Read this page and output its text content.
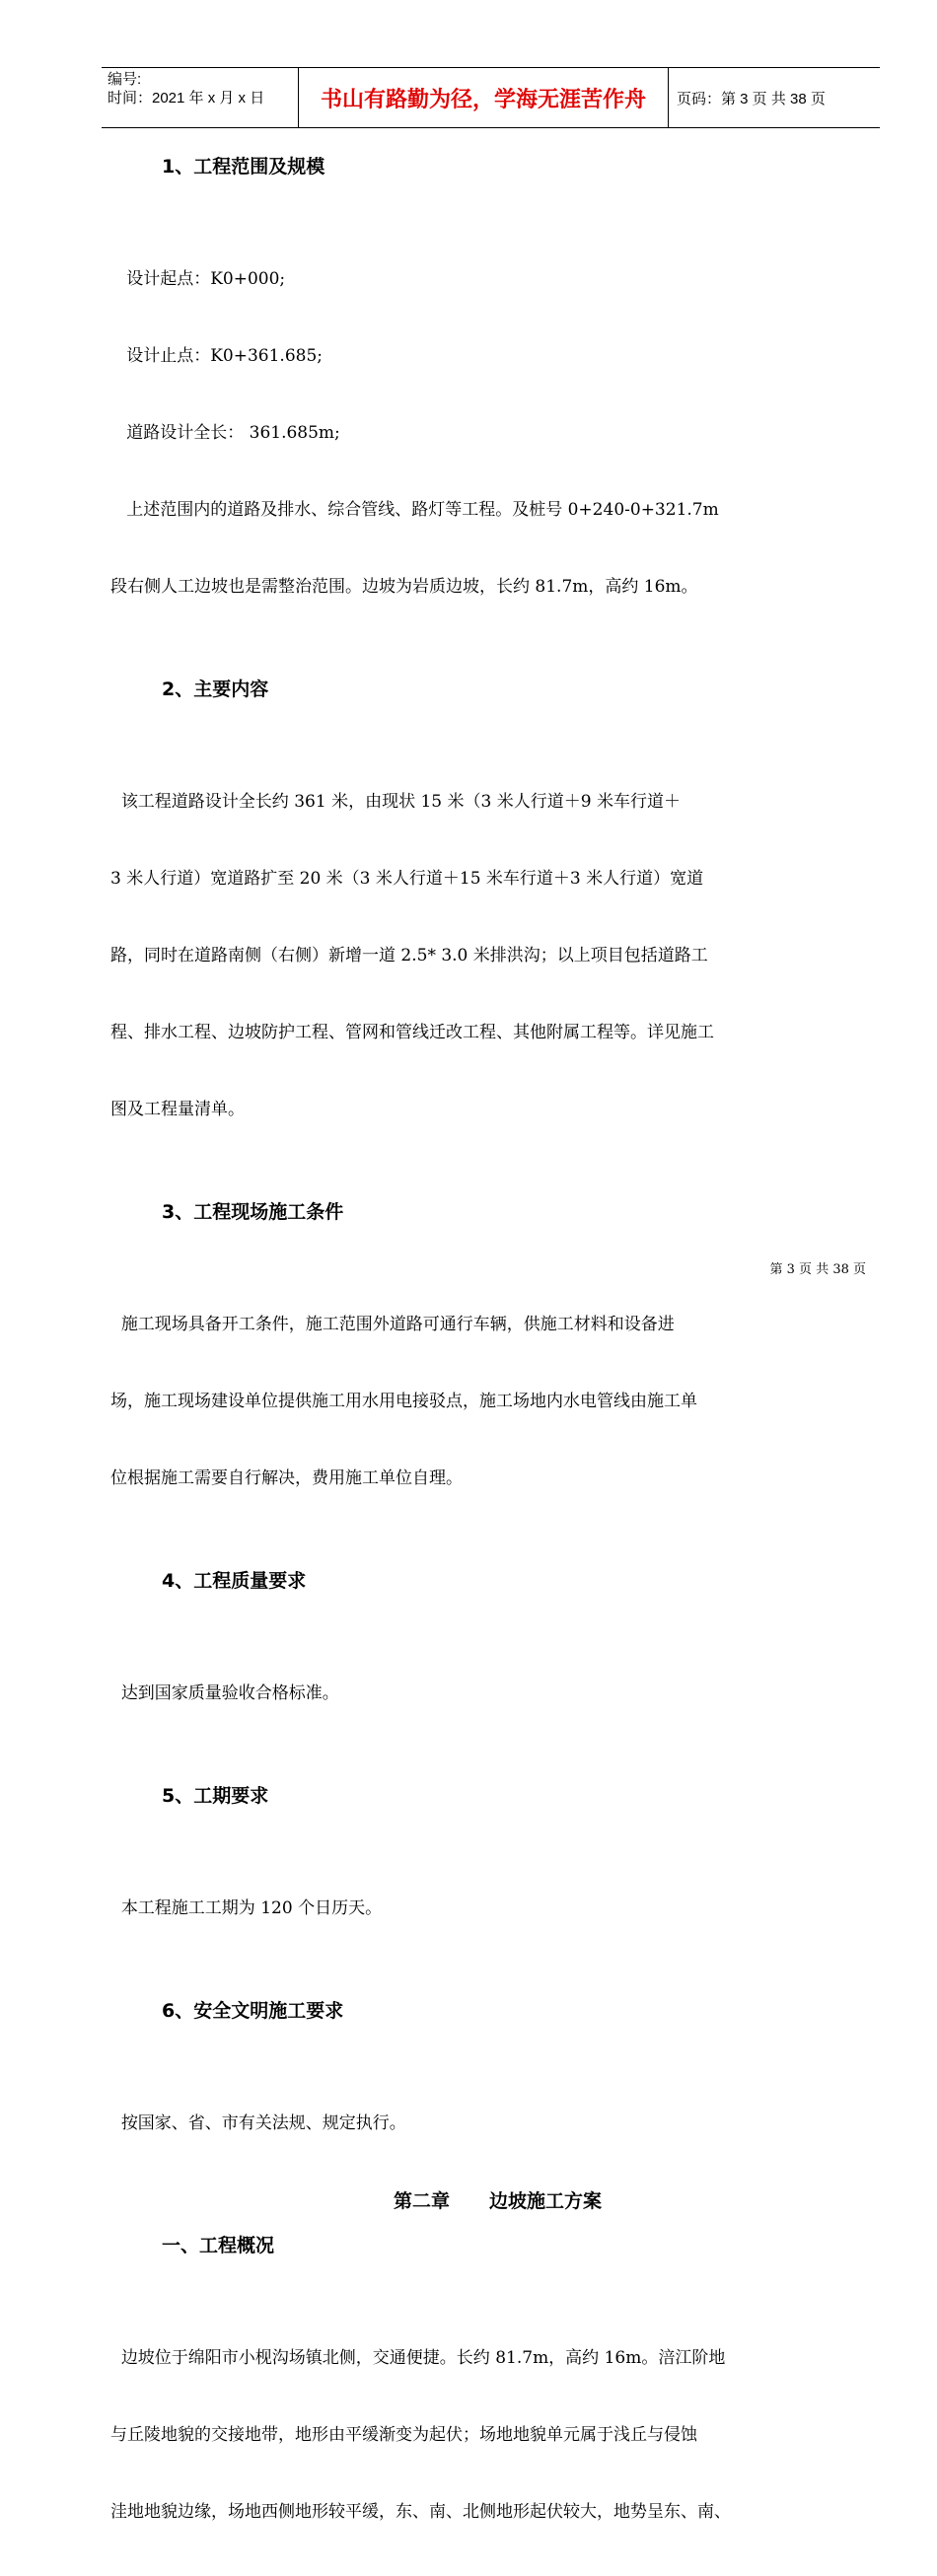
编号:
时间：2021 年 x 月 x 日	书山有路勤为径，学海无涯苦作舟	页码：第 3 页 共 38 页
1、工程范围及规模

设计起点：K0+000;

设计止点：K0+361.685;

道路设计全长： 361.685m;

上述范围内的道路及排水、综合管线、路灯等工程。及桩号 0+240-0+321.7m

段右侧人工边坡也是需整治范围。边坡为岩质边坡，长约 81.7m，高约 16m。

2、主要内容

该工程道路设计全长约 361 米，由现状 15 米（3 米人行道＋9 米车行道＋

3 米人行道）宽道路扩至 20 米（3 米人行道＋15 米车行道＋3 米人行道）宽道

路，同时在道路南侧（右侧）新增一道 2.5* 3.0 米排洪沟；以上项目包括道路工

程、排水工程、边坡防护工程、管网和管线迁改工程、其他附属工程等。详见施工

图及工程量清单。

3、工程现场施工条件

施工现场具备开工条件，施工范围外道路可通行车辆，供施工材料和设备进

场，施工现场建设单位提供施工用水用电接驳点，施工场地内水电管线由施工单

位根据施工需要自行解决，费用施工单位自理。

4、工程质量要求

达到国家质量验收合格标准。

5、工期要求

本工程施工工期为 120 个日历天。

6、安全文明施工要求

按国家、省、市有关法规、规定执行。

第二章 边坡施工方案
一、工程概况

边坡位于绵阳市小枧沟场镇北侧，交通便捷。长约 81.7m，高约 16m。涪江阶地

与丘陵地貌的交接地带，地形由平缓渐变为起伏；场地地貌单元属于浅丘与侵蚀

洼地地貌边缘，场地西侧地形较平缓，东、南、北侧地形起伏较大，地势呈东、南、

第 3 页 共 38 页
